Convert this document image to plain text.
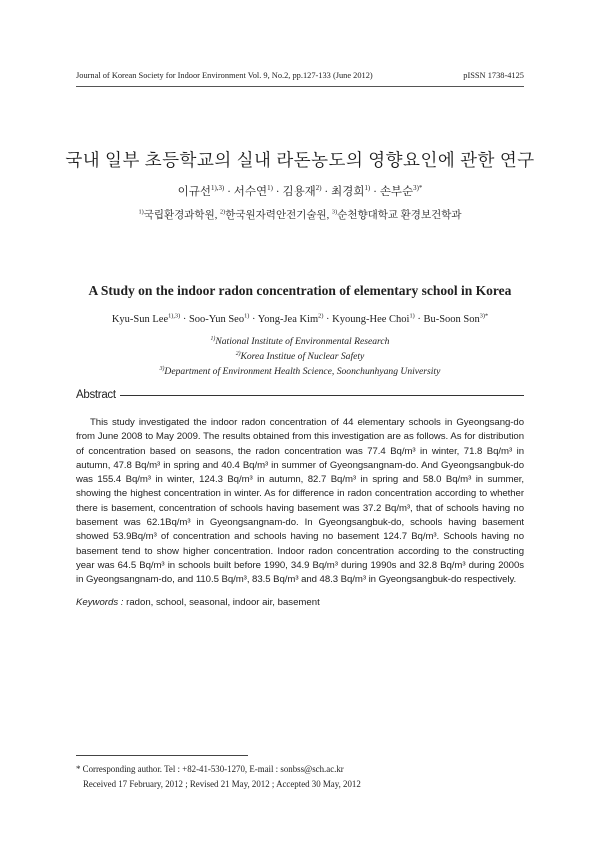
Journal of Korean Society for Indoor Environment Vol. 9, No.2, pp.127-133 (June 2012)	pISSN 1738-4125
국내 일부 초등학교의 실내 라돈농도의 영향요인에 관한 연구
이규선$^{1),3)}$ · 서수연$^{1)}$ · 김용재$^{2)}$ · 최경희$^{1)}$ · 손부순$^{3)*}$
$^{1)}$국립환경과학원, $^{2)}$한국원자력안전기술원, $^{3)}$순천향대학교 환경보건학과
A Study on the indoor radon concentration of elementary school in Korea
Kyu-Sun Lee$^{1),3)}$ · Soo-Yun Seo$^{1)}$ · Yong-Jea Kim$^{2)}$ · Kyoung-Hee Choi$^{1)}$ · Bu-Soon Son$^{3)*}$
$^{1)}$National Institute of Environmental Research
$^{2)}$Korea Institue of Nuclear Safety
$^{3)}$Department of Environment Health Science, Soonchunhyang University
Abstract

This study investigated the indoor radon concentration of 44 elementary schools in Gyeongsang-do from June 2008 to May 2009. The results obtained from this investigation are as follows. As for distribution of concentration based on seasons, the radon concentration was 77.4 Bq/m³ in winter, 71.8 Bq/m³ in autumn, 47.8 Bq/m³ in spring and 40.4 Bq/m³ in summer of Gyeongsangnam-do. And Gyeongsangbuk-do was 155.4 Bq/m³ in winter, 124.3 Bq/m³ in autumn, 82.7 Bq/m³ in spring and 58.0 Bq/m³ in summer, showing the highest concentration in winter. As for difference in radon concentration according to whether there is basement, concentration of schools having basement was 37.2 Bq/m³, that of schools having no basement was 62.1Bq/m³ in Gyeongsangnam-do. In Gyeongsangbuk-do, schools having basement showed 53.9Bq/m³ of concentration and schools having no basement 124.7 Bq/m³. Schools having no basement tend to show higher concentration. Indoor radon concentration according to the constructing year was 64.5 Bq/m³ in schools built before 1990, 34.9 Bq/m³ during 1990s and 32.8 Bq/m³ during 2000s in Gyeongsangnam-do, and 110.5 Bq/m³, 83.5 Bq/m³ and 48.3 Bq/m³ in Gyeongsangbuk-do respectively.

Keywords : radon, school, seasonal, indoor air, basement
* Corresponding author. Tel : +82-41-530-1270, E-mail : sonbss@sch.ac.kr
Received 17 February, 2012 ; Revised 21 May, 2012 ; Accepted 30 May, 2012
